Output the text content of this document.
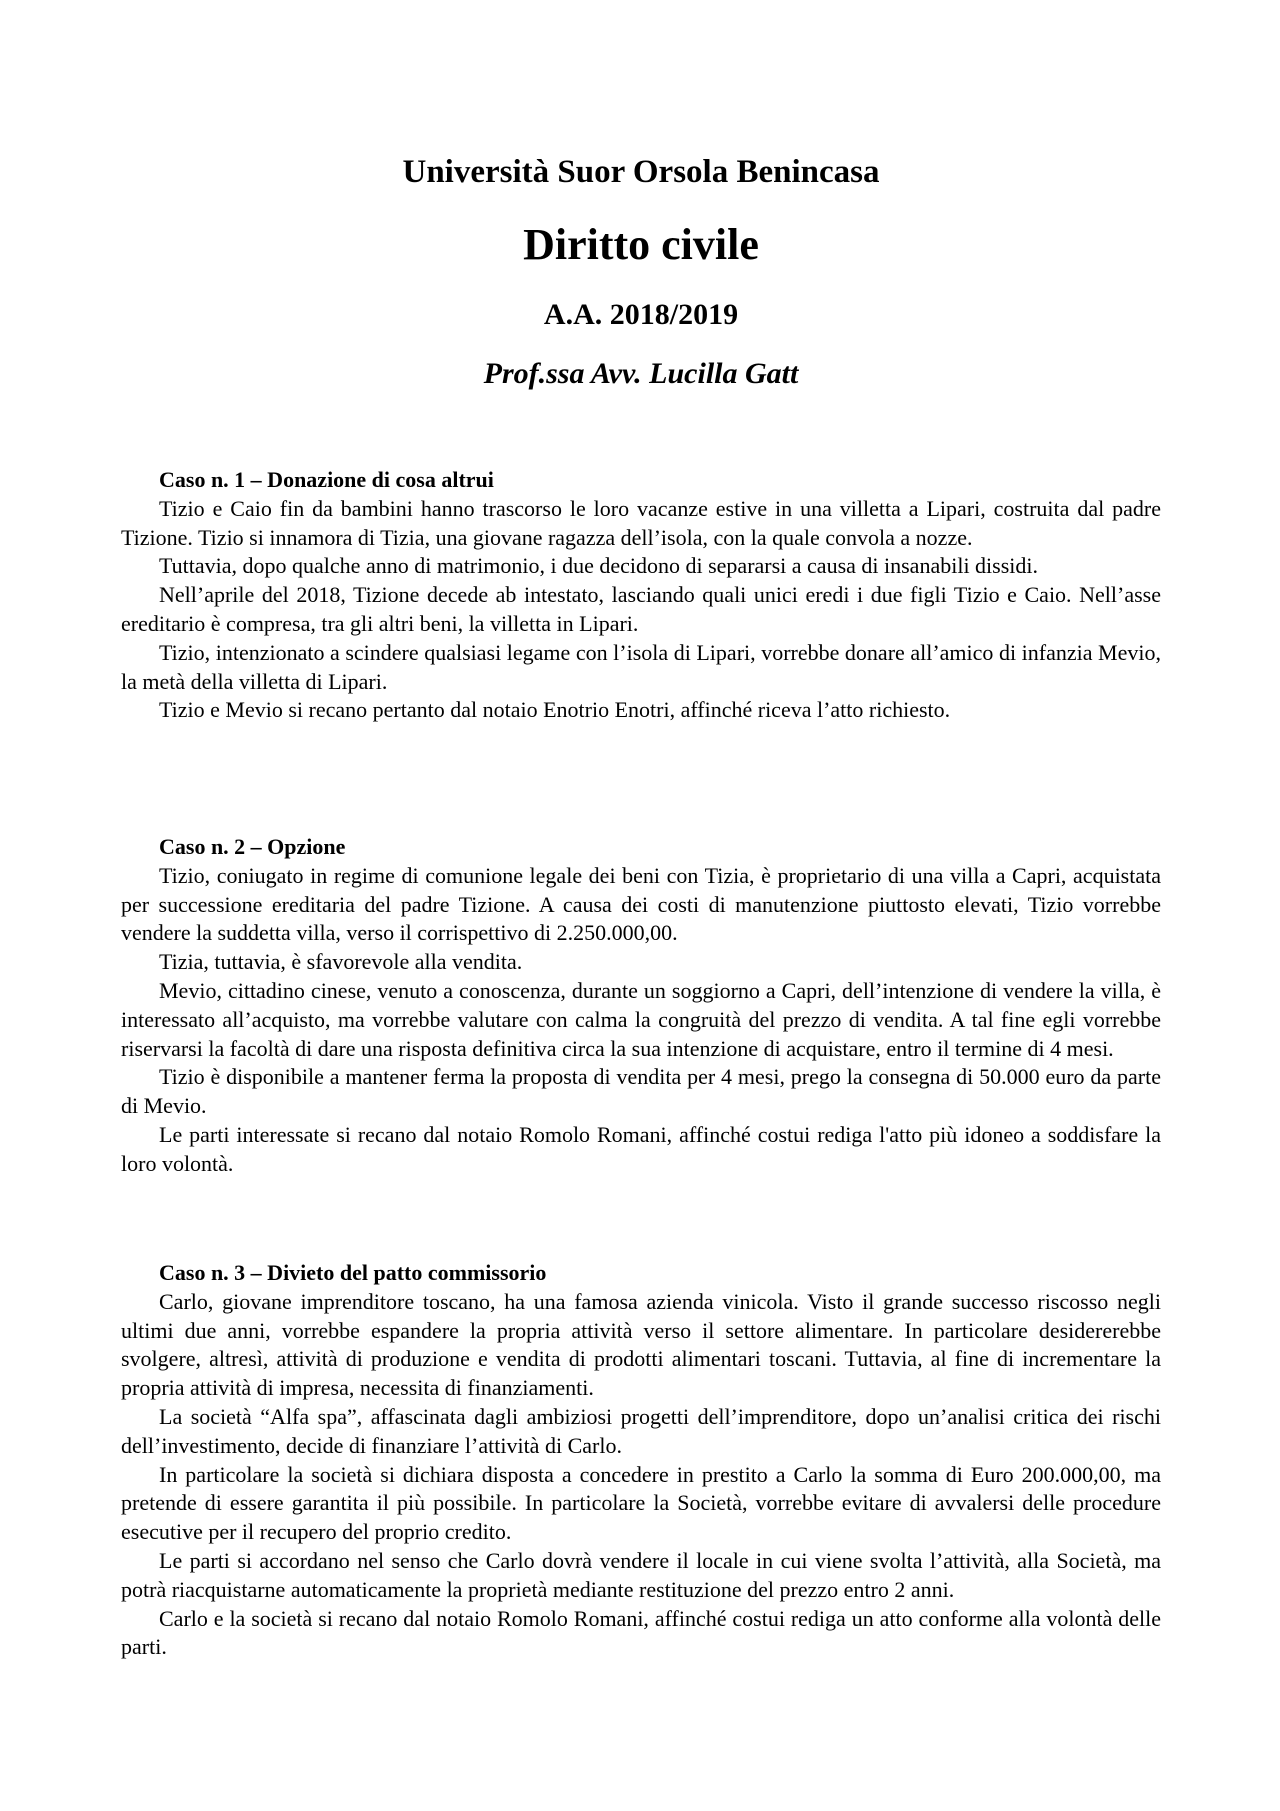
Università Suor Orsola Benincasa
Diritto civile
A.A. 2018/2019
Prof.ssa Avv. Lucilla Gatt

Caso n. 1 – Donazione di cosa altrui

Tizio e Caio fin da bambini hanno trascorso le loro vacanze estive in una villetta a Lipari, costruita dal padre Tizione. Tizio si innamora di Tizia, una giovane ragazza dell’isola, con la quale convola a nozze.

Tuttavia, dopo qualche anno di matrimonio, i due decidono di separarsi a causa di insanabili dissidi.

Nell’aprile del 2018, Tizione decede ab intestato, lasciando quali unici eredi i due figli Tizio e Caio. Nell’asse ereditario è compresa, tra gli altri beni, la villetta in Lipari.

Tizio, intenzionato a scindere qualsiasi legame con l’isola di Lipari, vorrebbe donare all’amico di infanzia Mevio, la metà della villetta di Lipari.

Tizio e Mevio si recano pertanto dal notaio Enotrio Enotri, affinché riceva l’atto richiesto.

Caso n. 2 – Opzione

Tizio, coniugato in regime di comunione legale dei beni con Tizia, è proprietario di una villa a Capri, acquistata per successione ereditaria del padre Tizione. A causa dei costi di manutenzione piuttosto elevati, Tizio vorrebbe vendere la suddetta villa, verso il corrispettivo di 2.250.000,00.

Tizia, tuttavia, è sfavorevole alla vendita.

Mevio, cittadino cinese, venuto a conoscenza, durante un soggiorno a Capri, dell’intenzione di vendere la villa, è interessato all’acquisto, ma vorrebbe valutare con calma la congruità del prezzo di vendita. A tal fine egli vorrebbe riservarsi la facoltà di dare una risposta definitiva circa la sua intenzione di acquistare, entro il termine di 4 mesi.

Tizio è disponibile a mantener ferma la proposta di vendita per 4 mesi, prego la consegna di 50.000 euro da parte di Mevio.

Le parti interessate si recano dal notaio Romolo Romani, affinché costui rediga l'atto più idoneo a soddisfare la loro volontà.

Caso n. 3 – Divieto del patto commissorio

Carlo, giovane imprenditore toscano, ha una famosa azienda vinicola. Visto il grande successo riscosso negli ultimi due anni, vorrebbe espandere la propria attività verso il settore alimentare. In particolare desidererebbe svolgere, altresì, attività di produzione e vendita di prodotti alimentari toscani. Tuttavia, al fine di incrementare la propria attività di impresa, necessita di finanziamenti.

La società “Alfa spa”, affascinata dagli ambiziosi progetti dell’imprenditore, dopo un’analisi critica dei rischi dell’investimento, decide di finanziare l’attività di Carlo.

In particolare la società si dichiara disposta a concedere in prestito a Carlo la somma di Euro 200.000,00, ma pretende di essere garantita il più possibile. In particolare la Società, vorrebbe evitare di avvalersi delle procedure esecutive per il recupero del proprio credito.

Le parti si accordano nel senso che Carlo dovrà vendere il locale in cui viene svolta l’attività, alla Società, ma potrà riacquistarne automaticamente la proprietà mediante restituzione del prezzo entro 2 anni.

Carlo e la società si recano dal notaio Romolo Romani, affinché costui rediga un atto conforme alla volontà delle parti.
